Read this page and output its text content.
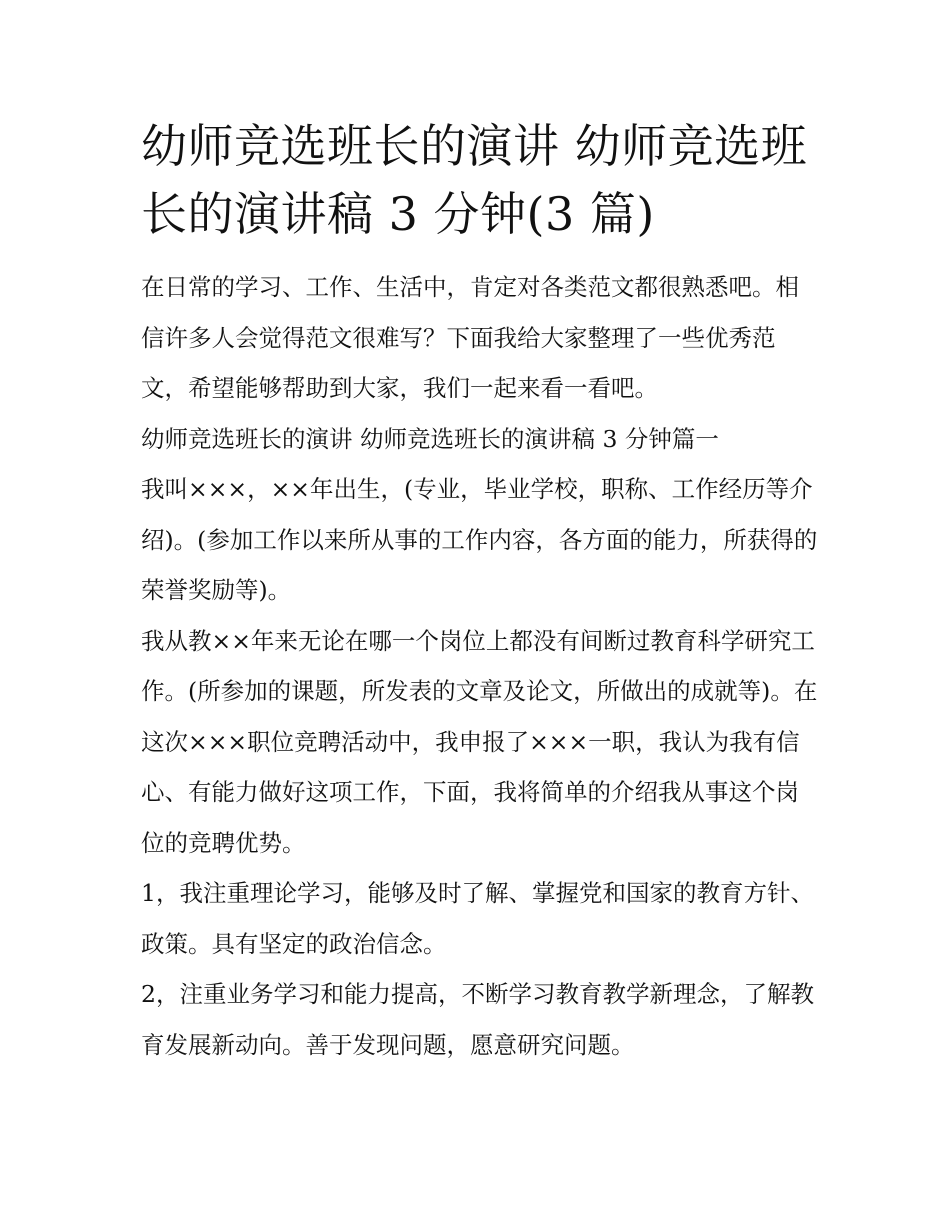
幼师竞选班长的演讲 幼师竞选班长的演讲稿 3 分钟(3 篇)

在日常的学习、工作、生活中，肯定对各类范文都很熟悉吧。相信许多人会觉得范文很难写？下面我给大家整理了一些优秀范文，希望能够帮助到大家，我们一起来看一看吧。

幼师竞选班长的演讲 幼师竞选班长的演讲稿 3 分钟篇一

我叫×××，××年出生，(专业，毕业学校，职称、工作经历等介绍)。(参加工作以来所从事的工作内容，各方面的能力，所获得的荣誉奖励等)。

我从教××年来无论在哪一个岗位上都没有间断过教育科学研究工作。(所参加的课题，所发表的文章及论文，所做出的成就等)。在这次×××职位竞聘活动中，我申报了×××一职，我认为我有信心、有能力做好这项工作，下面，我将简单的介绍我从事这个岗位的竞聘优势。

1，我注重理论学习，能够及时了解、掌握党和国家的教育方针、政策。具有坚定的政治信念。

2，注重业务学习和能力提高，不断学习教育教学新理念，了解教育发展新动向。善于发现问题，愿意研究问题。
